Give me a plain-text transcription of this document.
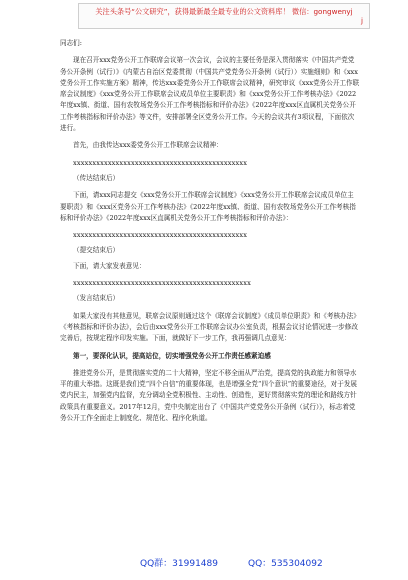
关注头条号“公文研究”，获得最新最全最专业的公文资料库！ 微信：gongwenyj
j

同志们:

现在召开xxx党务公开工作联席会议第一次会议，会议的主要任务是深入贯彻落实《中国共产党党务公开条例（试行）》《内蒙古自治区党委贯彻（中国共产党党务公开条例（试行））实施细则》和《xxx党务公开工作实施方案》精神，传达xxx委党务公开工作联席会议精神，研究审议《xxx党务公开工作联席会议制度》《xxx党务公开工作联席会议成员单位主要职责》和《xxx党务公开工作考核办法》《2022年度xx镇、街道、国有农牧场党务公开工作考核指标和评价办法》《2022年度xxx区直属机关党务公开工作考核指标和评价办法》等文件，安排部署全区党务公开工作。今天的会议共有3项议程，下面依次进行。

首先，由我传达xxx委党务公开工作联席会议精神：

xxxxxxxxxxxxxxxxxxxxxxxxxxxxxxxxxxxxxxxxxxxxx

（传达结束后）

下面，请xxx同志提交《xxx党务公开工作联席会议制度》《xxx党务公开工作联席会议成员单位主要职责》和《xxx区党务公开工作考核办法》《2022年度xx镇、街道、国有农牧场党务公开工作考核指标和评价办法》《2022年度xxx区直属机关党务公开工作考核指标和评价办法》：

xxxxxxxxxxxxxxxxxxxxxxxxxxxxxxxxxxxxxxxxxxxxx

（提交结束后）

下面，请大家发表意见：

xxxxxxxxxxxxxxxxxxxxxxxxxxxxxxxxxxxxxxxxxxxxxx

（发言结束后）

如果大家没有其他意见，联席会议原则通过这个《联席会议制度》《成员单位职责》和《考核办法》《考核指标和评价办法》，会后由xxx党务公开工作联席会议办公室负责，根据会议讨论情况进一步修改完善后，按规定程序印发实施。下面，就做好下一步工作，我再强调几点意见：

第一，要深化认识，提高站位，切实增强党务公开工作责任感紧迫感

推进党务公开，是贯彻落实党的二十大精神，坚定不移全面从严治党，提高党的执政能力和领导水平的重大举措。这既是我们党“四个自信”的重要体现，也是增强全党“四个意识”的重要途径，对于发展党内民主，加强党内监督，充分调动全党积极性、主动性、创造性，更好贯彻落实党的理论和路线方针政策具有重要意义。2017年12月，党中央制定出台了《中国共产党党务公开条例（试行）》，标志着党务公开工作全面走上制度化、规范化、程序化轨道。

QQ群：31991489	QQ：535304092
